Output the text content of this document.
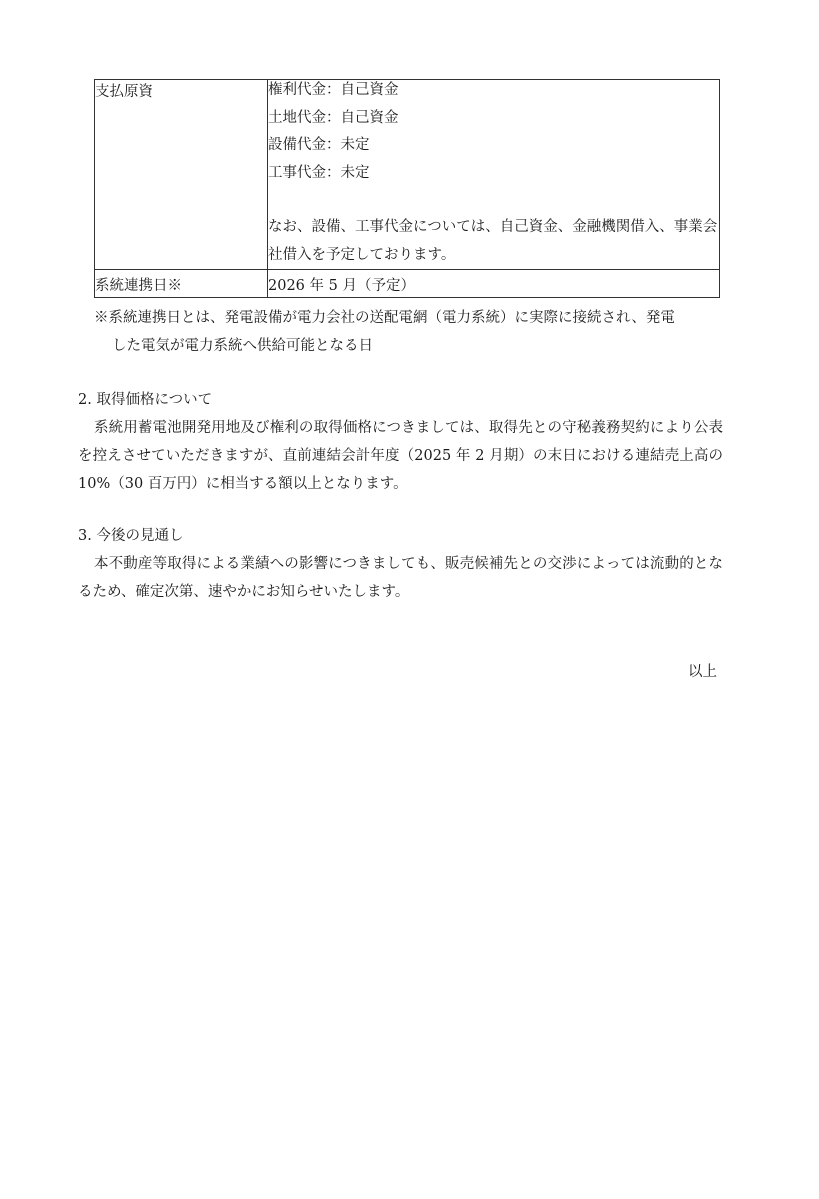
支払原資	権利代金：自己資金
土地代金：自己資金
設備代金：未定
工事代金：未定
なお、設備、工事代金については、自己資金、金融機関借入、事業会社借入を予定しております。

系統連携日※	2026 年 5 月（予定）
※系統連携日とは、発電設備が電力会社の送配電網（電力系統）に実際に接続され、発電
した電気が電力系統へ供給可能となる日
2. 取得価格について
系統用蓄電池開発用地及び権利の取得価格につきましては、取得先との守秘義務契約により公表を控えさせていただきますが、直前連結会計年度（2025 年 2 月期）の末日における連結売上高の 10%（30 百万円）に相当する額以上となります。
3. 今後の見通し
本不動産等取得による業績への影響につきましても、販売候補先との交渉によっては流動的となるため、確定次第、速やかにお知らせいたします。
以上
